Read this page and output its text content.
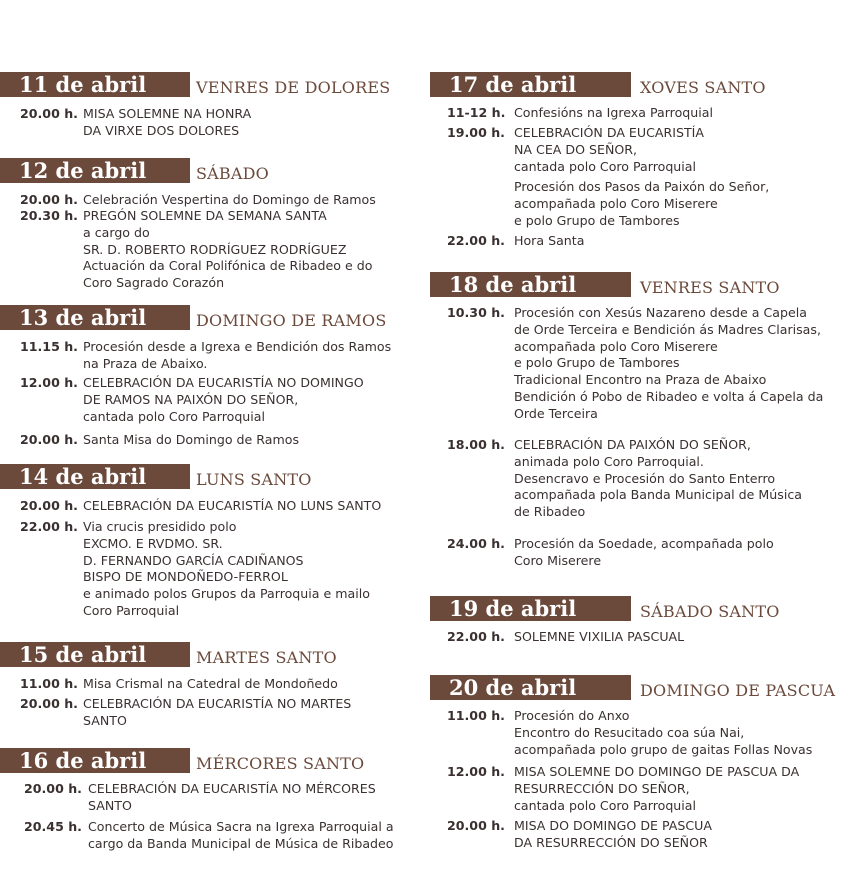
11 de abril	VENRES DE DOLORES
20.00 h. MISA SOLEMNE NA HONRA
DA VIRXE DOS DOLORES
12 de abril	SÁBADO
20.00 h. Celebración Vespertina do Domingo de Ramos
20.30 h. PREGÓN SOLEMNE DA SEMANA SANTA
a cargo do
SR. D. ROBERTO RODRÍGUEZ RODRÍGUEZ
Actuación da Coral Polifónica de Ribadeo e do
Coro Sagrado Corazón
13 de abril	DOMINGO DE RAMOS
11.15 h. Procesión desde a Igrexa e Bendición dos Ramos
na Praza de Abaixo.
12.00 h. CELEBRACIÓN DA EUCARISTÍA NO DOMINGO
DE RAMOS NA PAIXÓN DO SEÑOR,
cantada polo Coro Parroquial
20.00 h. Santa Misa do Domingo de Ramos
14 de abril	LUNS SANTO
20.00 h. CELEBRACIÓN DA EUCARISTÍA NO LUNS SANTO
22.00 h. Via crucis presidido polo
EXCMO. E RVDMO. SR.
D. FERNANDO GARCÍA CADIÑANOS
BISPO DE MONDOÑEDO-FERROL
e animado polos Grupos da Parroquia e mailo
Coro Parroquial
15 de abril	MARTES SANTO
11.00 h. Misa Crismal na Catedral de Mondoñedo
20.00 h. CELEBRACIÓN DA EUCARISTÍA NO MARTES
SANTO
16 de abril	MÉRCORES SANTO
20.00 h. CELEBRACIÓN DA EUCARISTÍA NO MÉRCORES
SANTO
20.45 h. Concerto de Música Sacra na Igrexa Parroquial a
cargo da Banda Municipal de Música de Ribadeo
17 de abril	XOVES SANTO
11-12 h. Confesións na Igrexa Parroquial
19.00 h. CELEBRACIÓN DA EUCARISTÍA
NA CEA DO SEÑOR,
cantada polo Coro Parroquial
Procesión dos Pasos da Paixón do Señor,
acompañada polo Coro Miserere
e polo Grupo de Tambores
22.00 h. Hora Santa
18 de abril	VENRES SANTO
10.30 h. Procesión con Xesús Nazareno desde a Capela
de Orde Terceira e Bendición ás Madres Clarisas,
acompañada polo Coro Miserere
e polo Grupo de Tambores
Tradicional Encontro na Praza de Abaixo
Bendición ó Pobo de Ribadeo e volta á Capela da
Orde Terceira
18.00 h. CELEBRACIÓN DA PAIXÓN DO SEÑOR,
animada polo Coro Parroquial.
Desencravo e Procesión do Santo Enterro
acompañada pola Banda Municipal de Música
de Ribadeo
24.00 h. Procesión da Soedade, acompañada polo
Coro Miserere
19 de abril	SÁBADO SANTO
22.00 h. SOLEMNE VIXILIA PASCUAL
20 de abril	DOMINGO DE PASCUA
11.00 h. Procesión do Anxo
Encontro do Resucitado coa súa Nai,
acompañada polo grupo de gaitas Follas Novas
12.00 h. MISA SOLEMNE DO DOMINGO DE PASCUA DA
RESURRECCIÓN DO SEÑOR,
cantada polo Coro Parroquial
20.00 h. MISA DO DOMINGO DE PASCUA
DA RESURRECCIÓN DO SEÑOR
